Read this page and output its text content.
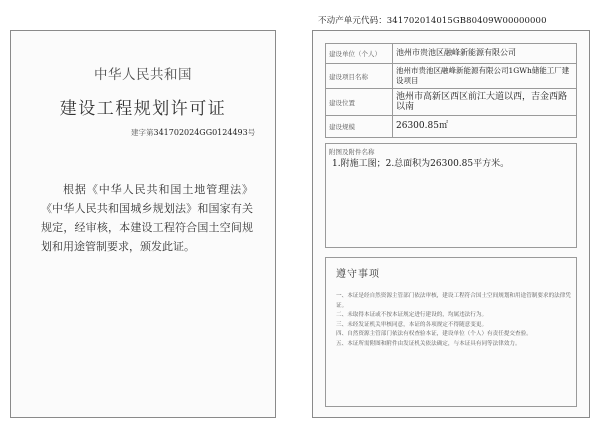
不动产单元代码：341702014015GB80409W00000000
中华人民共和国
建设工程规划许可证
建字第341702024GG0124493号
根据《中华人民共和国土地管理法》《中华人民共和国城乡规划法》和国家有关规定，经审核，本建设工程符合国土空间规划和用途管制要求，颁发此证。
建设单位（个人）	池州市贵池区融峰新能源有限公司
建设项目名称	池州市贵池区融峰新能源有限公司1GWh储能工厂建设项目
建设位置	池州市高新区西区前江大道以西，吉金西路以南
建设规模	26300.85㎡
附图及附件名称
1.附施工图；2.总面积为26300.85平方米。
遵守事项

一、本证是经自然资源主管部门依法审核，建设工程符合国土空间规划和用途管制要求的法律凭证。

二、未取得本证或不按本证规定进行建设的，均属违法行为。

三、未经发证机关审核同意，本证的各项规定不得随意变更。

四、自然资源主管部门依法有权查验本证，建设单位（个人）有责任提交查验。

五、本证所需附图和附件由发证机关依法确定，与本证具有同等法律效力。
